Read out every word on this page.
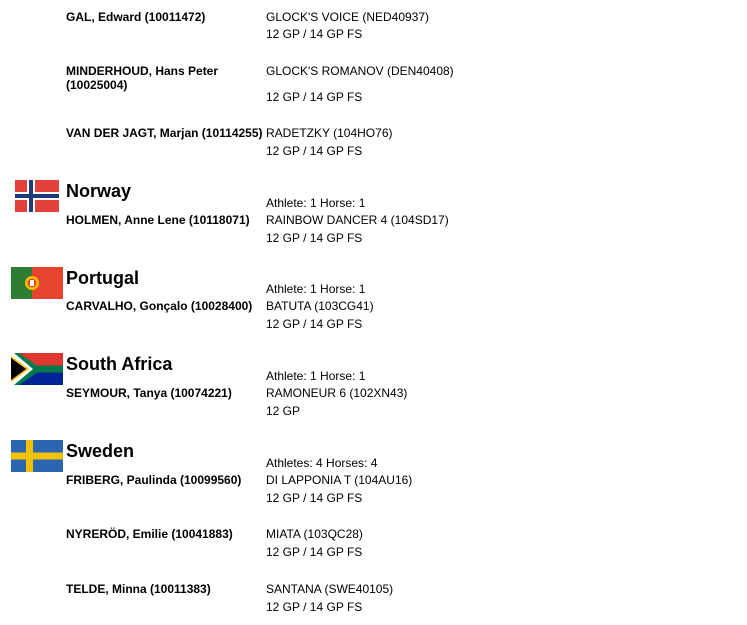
GAL, Edward (10011472)	GLOCK'S VOICE (NED40937)
12 GP / 14 GP FS
MINDERHOUD, Hans Peter (10025004)
GLOCK'S ROMANOV (DEN40408)
12 GP / 14 GP FS
VAN DER JAGT, Marjan (10114255) RADETZKY (104HO76)
12 GP / 14 GP FS
Norway
Athlete: 1 Horse: 1
HOLMEN, Anne Lene (10118071)	RAINBOW DANCER 4 (104SD17)
12 GP / 14 GP FS
Portugal
Athlete: 1 Horse: 1
CARVALHO, Gonçalo (10028400)	BATUTA (103CG41)
12 GP / 14 GP FS
South Africa
Athlete: 1 Horse: 1
SEYMOUR, Tanya (10074221)	RAMONEUR 6 (102XN43)
12 GP
Sweden
Athletes: 4 Horses: 4
FRIBERG, Paulinda (10099560)	DI LAPPONIA T (104AU16)
12 GP / 14 GP FS
NYRERÖD, Emilie (10041883)	MIATA (103QC28)
12 GP / 14 GP FS
TELDE, Minna (10011383)	SANTANA (SWE40105)
12 GP / 14 GP FS
